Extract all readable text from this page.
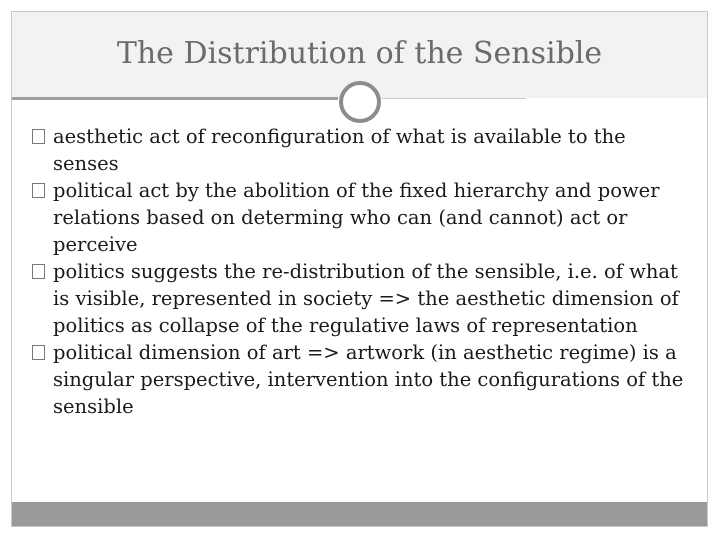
The Distribution of the Sensible
aesthetic act of reconfiguration of what is available to the senses
political act by the abolition of the fixed hierarchy and power relations based on determing who can (and cannot) act or perceive
politics suggests the re-distribution of the sensible, i.e. of what is visible, represented in society => the aesthetic dimension of politics as collapse of the regulative laws of representation
political dimension of art => artwork (in aesthetic regime) is a singular perspective, intervention into the configurations of the sensible
